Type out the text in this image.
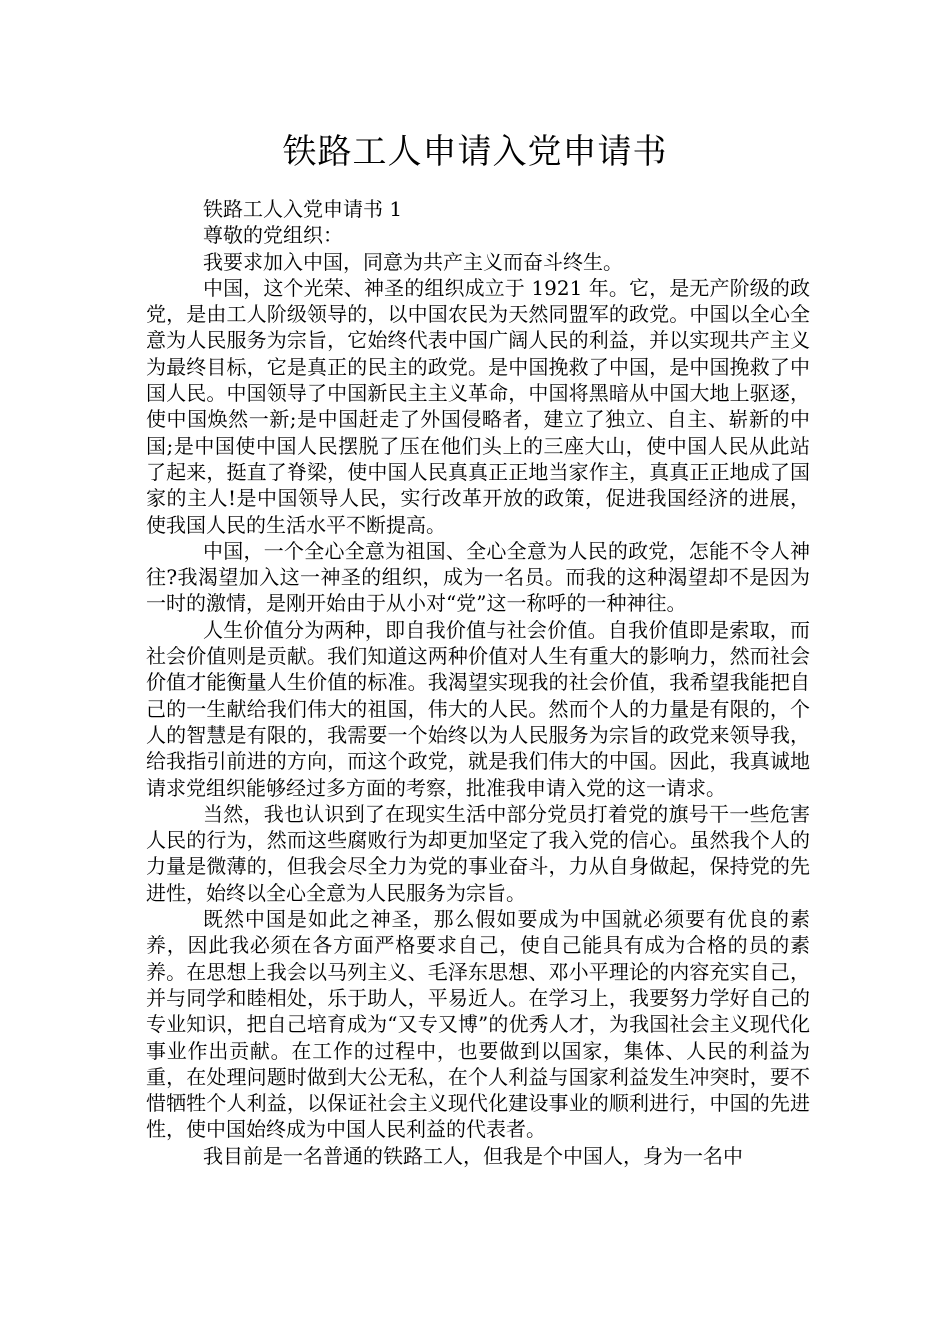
铁路工人申请入党申请书

铁路工人入党申请书 1

尊敬的党组织：

我要求加入中国，同意为共产主义而奋斗终生。

中国，这个光荣、神圣的组织成立于 1921 年。它，是无产阶级的政党，是由工人阶级领导的，以中国农民为天然同盟军的政党。中国以全心全意为人民服务为宗旨，它始终代表中国广阔人民的利益，并以实现共产主义为最终目标，它是真正的民主的政党。是中国挽救了中国，是中国挽救了中国人民。中国领导了中国新民主主义革命，中国将黑暗从中国大地上驱逐，使中国焕然一新;是中国赶走了外国侵略者，建立了独立、自主、崭新的中国;是中国使中国人民摆脱了压在他们头上的三座大山，使中国人民从此站了起来，挺直了脊梁，使中国人民真真正正地当家作主，真真正正地成了国家的主人!是中国领导人民，实行改革开放的政策，促进我国经济的进展，使我国人民的生活水平不断提高。

中国，一个全心全意为祖国、全心全意为人民的政党，怎能不令人神往?我渴望加入这一神圣的组织，成为一名员。而我的这种渴望却不是因为一时的激情，是刚开始由于从小对“党”这一称呼的一种神往。

人生价值分为两种，即自我价值与社会价值。自我价值即是索取，而社会价值则是贡献。我们知道这两种价值对人生有重大的影响力，然而社会价值才能衡量人生价值的标准。我渴望实现我的社会价值，我希望我能把自己的一生献给我们伟大的祖国，伟大的人民。然而个人的力量是有限的，个人的智慧是有限的，我需要一个始终以为人民服务为宗旨的政党来领导我，给我指引前进的方向，而这个政党，就是我们伟大的中国。因此，我真诚地请求党组织能够经过多方面的考察，批准我申请入党的这一请求。

当然，我也认识到了在现实生活中部分党员打着党的旗号干一些危害人民的行为，然而这些腐败行为却更加坚定了我入党的信心。虽然我个人的力量是微薄的，但我会尽全力为党的事业奋斗，力从自身做起，保持党的先进性，始终以全心全意为人民服务为宗旨。

既然中国是如此之神圣，那么假如要成为中国就必须要有优良的素养，因此我必须在各方面严格要求自己，使自己能具有成为合格的员的素养。在思想上我会以马列主义、毛泽东思想、邓小平理论的内容充实自己，并与同学和睦相处，乐于助人，平易近人。在学习上，我要努力学好自己的专业知识，把自己培育成为“又专又博”的优秀人才，为我国社会主义现代化事业作出贡献。在工作的过程中，也要做到以国家，集体、人民的利益为重，在处理问题时做到大公无私，在个人利益与国家利益发生冲突时，要不惜牺牲个人利益，以保证社会主义现代化建设事业的顺利进行，中国的先进性，使中国始终成为中国人民利益的代表者。

我目前是一名普通的铁路工人，但我是个中国人，身为一名中
